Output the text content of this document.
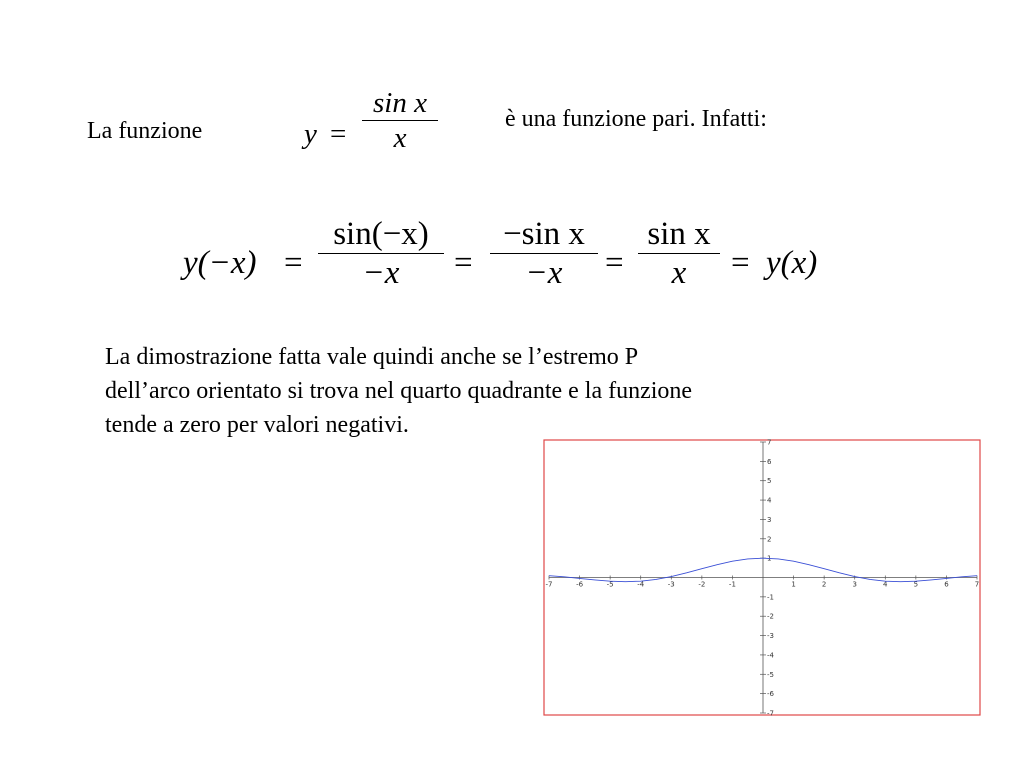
La funzione	y =
sin x
x
è una funzione pari. Infatti:
y(−x) =
sin(−x)
−x =
−sin x
−x =
sin x
x = y(x)
La dimostrazione fatta vale quindi anche se l’estremo P
dell’arco orientato si trova nel quarto quadrante e la funzione
tende a zero per valori negativi.
-7	-6	-5	-4	-3	-2	-1	1	2	3	4	5	6	7
7
6
5
4
3
2
1
-1
-2
-3
-4
-5
-6
-7
